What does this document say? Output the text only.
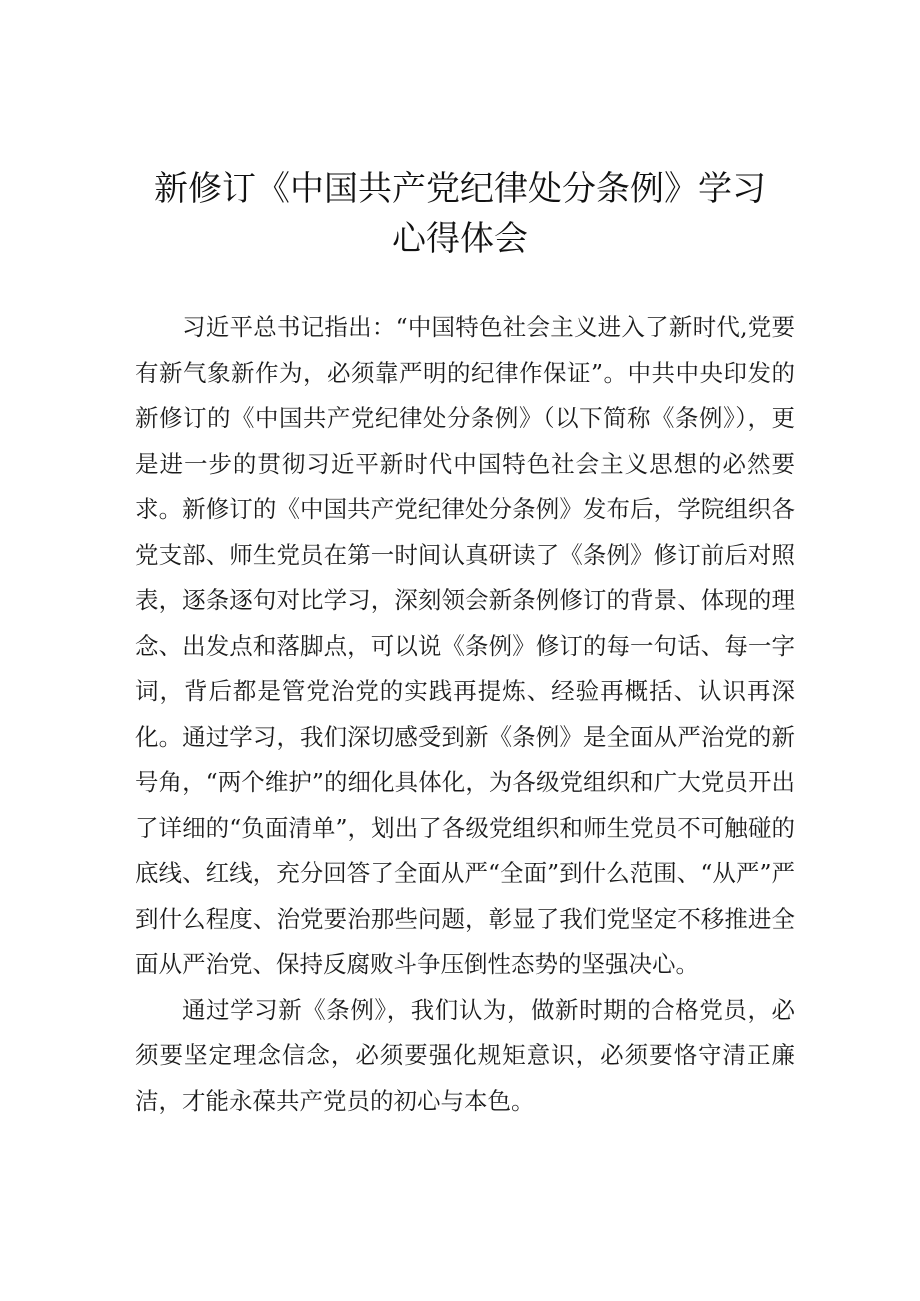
新修订《中国共产党纪律处分条例》学习
心得体会

习近平总书记指出：“中国特色社会主义进入了新时代,党要有新气象新作为，必须靠严明的纪律作保证”。中共中央印发的新修订的《中国共产党纪律处分条例》（以下简称《条例》），更是进一步的贯彻习近平新时代中国特色社会主义思想的必然要求。新修订的《中国共产党纪律处分条例》发布后，学院组织各党支部、师生党员在第一时间认真研读了《条例》修订前后对照表，逐条逐句对比学习，深刻领会新条例修订的背景、体现的理念、出发点和落脚点，可以说《条例》修订的每一句话、每一字词，背后都是管党治党的实践再提炼、经验再概括、认识再深化。通过学习，我们深切感受到新《条例》是全面从严治党的新号角，“两个维护”的细化具体化，为各级党组织和广大党员开出了详细的“负面清单”，划出了各级党组织和师生党员不可触碰的底线、红线，充分回答了全面从严“全面”到什么范围、“从严”严到什么程度、治党要治那些问题，彰显了我们党坚定不移推进全面从严治党、保持反腐败斗争压倒性态势的坚强决心。

通过学习新《条例》，我们认为，做新时期的合格党员，必须要坚定理念信念，必须要强化规矩意识，必须要恪守清正廉洁，才能永葆共产党员的初心与本色。
